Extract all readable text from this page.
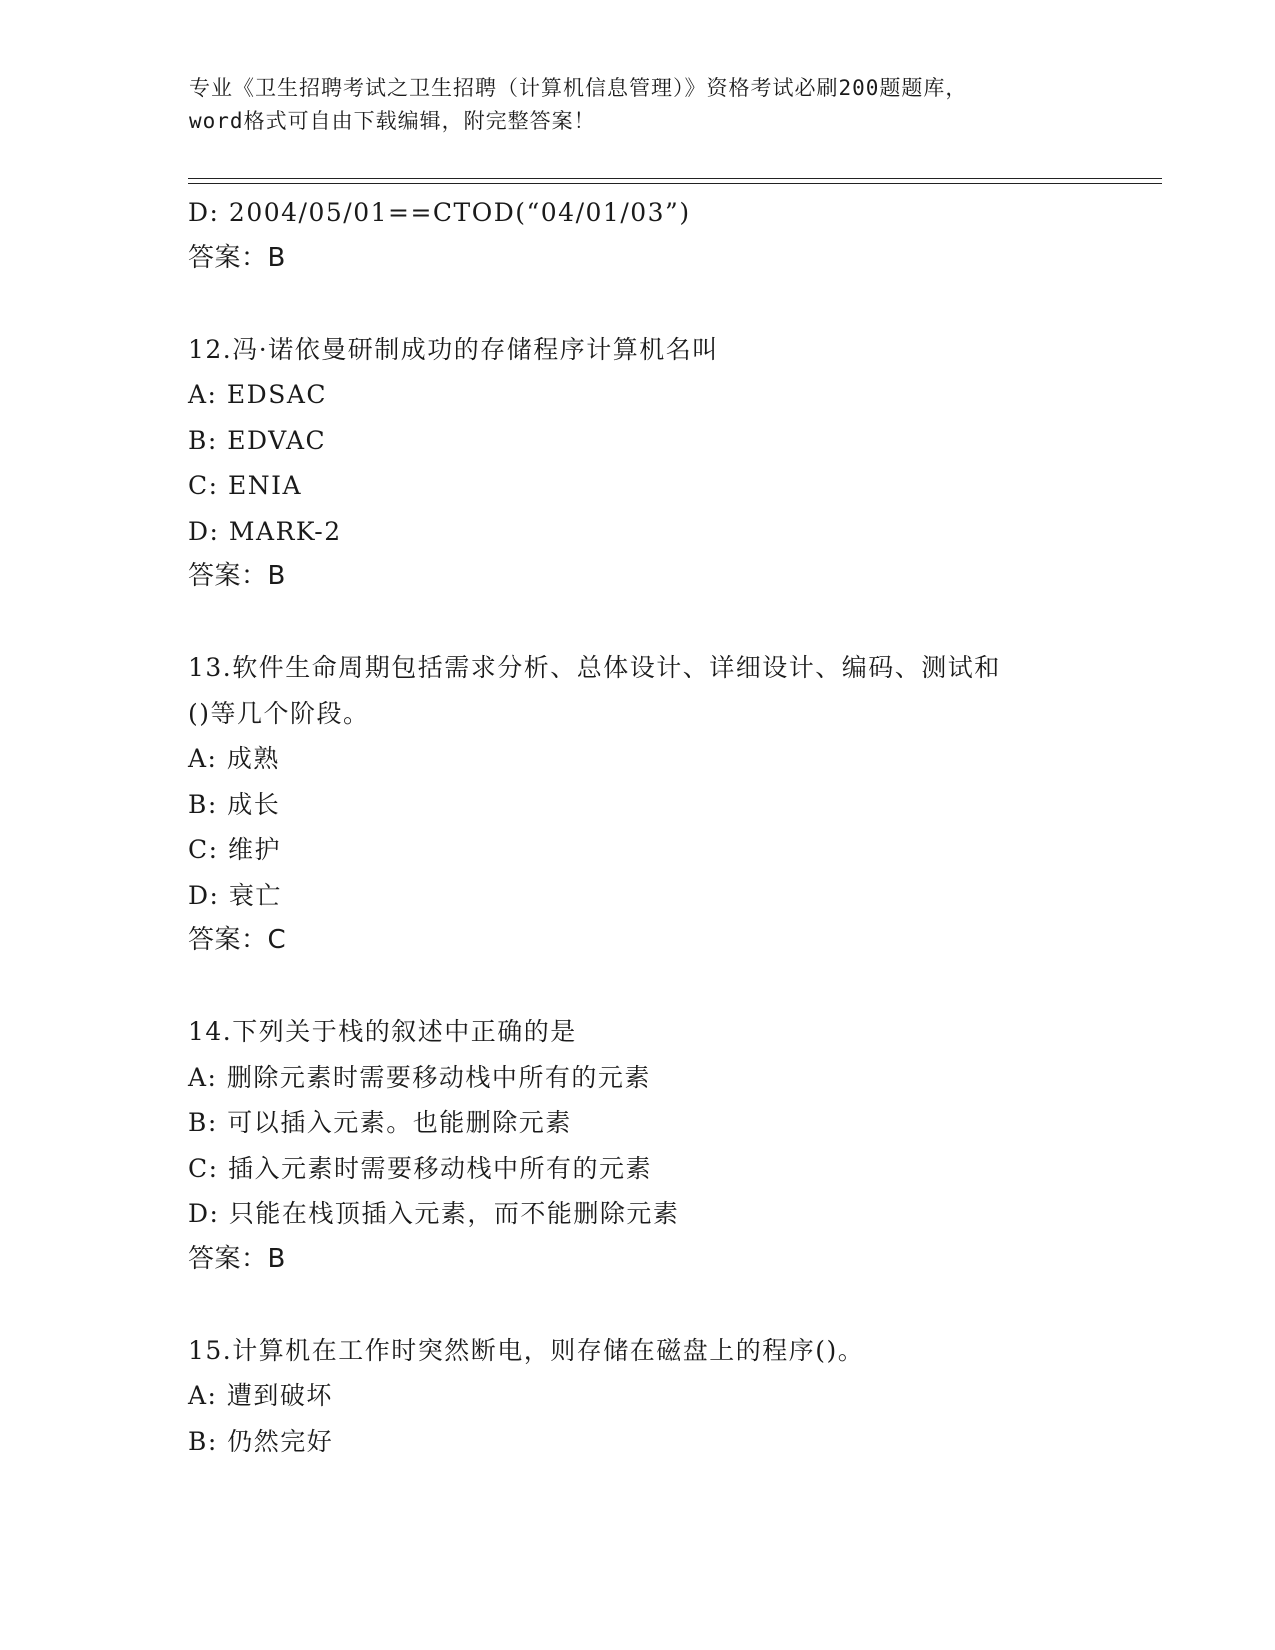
专业《卫生招聘考试之卫生招聘（计算机信息管理）》资格考试必刷200题题库，
word格式可自由下载编辑，附完整答案！
D: 2004/05/01==CTOD(“04/01/03”)
答案：B
12.冯·诺依曼研制成功的存储程序计算机名叫
A: EDSAC
B: EDVAC
C: ENIA
D: MARK-2
答案：B
13.软件生命周期包括需求分析、总体设计、详细设计、编码、测试和
()等几个阶段。
A: 成熟
B: 成长
C: 维护
D: 衰亡
答案：C
14.下列关于栈的叙述中正确的是
A: 删除元素时需要移动栈中所有的元素
B: 可以插入元素。也能删除元素
C: 插入元素时需要移动栈中所有的元素
D: 只能在栈顶插入元素，而不能删除元素
答案：B
15.计算机在工作时突然断电，则存储在磁盘上的程序()。
A: 遭到破坏
B: 仍然完好
